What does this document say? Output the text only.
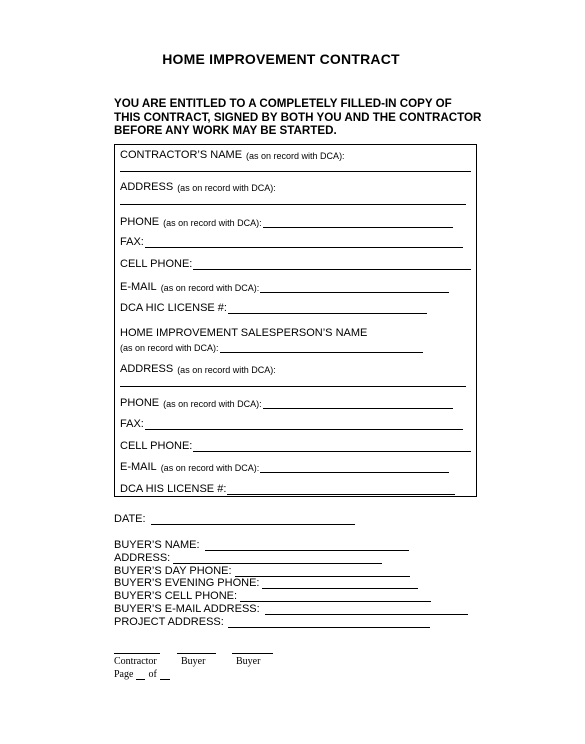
HOME IMPROVEMENT CONTRACT
YOU ARE ENTITLED TO A COMPLETELY FILLED-IN COPY OF
THIS CONTRACT, SIGNED BY BOTH YOU AND THE CONTRACTOR
BEFORE ANY WORK MAY BE STARTED.
CONTRACTOR’S NAME (as on record with DCA):
ADDRESS (as on record with DCA):
PHONE (as on record with DCA):
FAX:
CELL PHONE:
E-MAIL (as on record with DCA):
DCA HIC LICENSE #:
HOME IMPROVEMENT SALESPERSON’S NAME
(as on record with DCA):
ADDRESS (as on record with DCA):
PHONE (as on record with DCA):
FAX:
CELL PHONE:
E-MAIL (as on record with DCA):
DCA HIS LICENSE #:
DATE:
BUYER’S NAME:
ADDRESS:
BUYER’S DAY PHONE:
BUYER’S EVENING PHONE:
BUYER’S CELL PHONE:
BUYER’S E-MAIL ADDRESS:
PROJECT ADDRESS:
Contractor Buyer	Buyer
Page of
